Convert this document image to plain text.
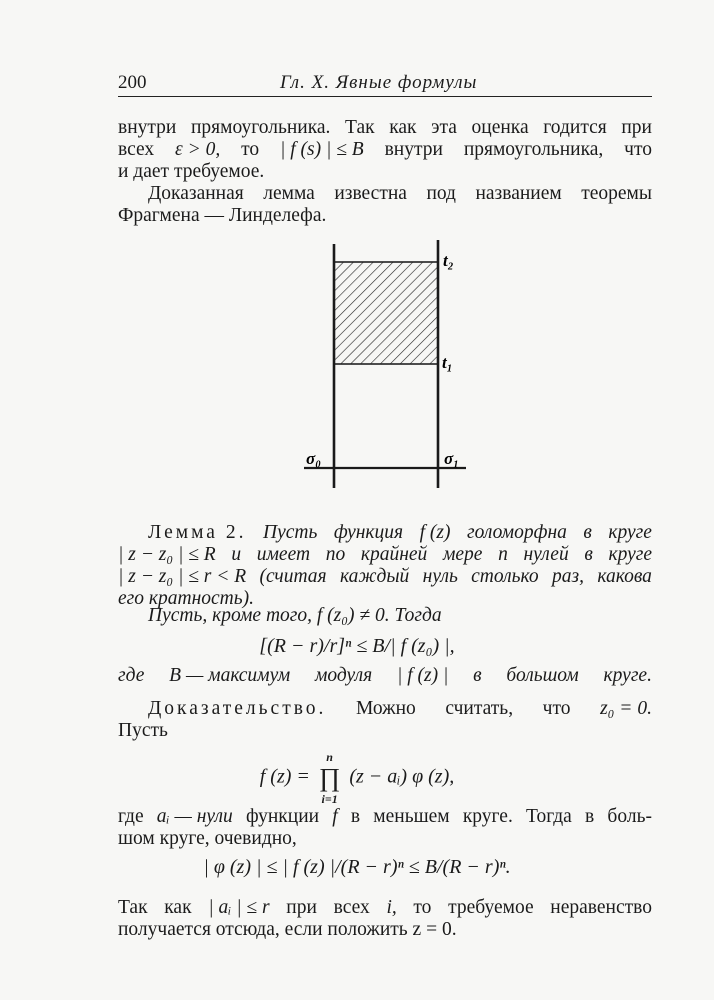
200	Гл. X. Явные формулы
внутри прямоугольника. Так как эта оценка годится при
всех ε > 0, то | f (s) | ≤ B внутри прямоугольника, что
и дает требуемое.
Доказанная лемма известна под названием теоремы
Фрагмена — Линделефа.
t₂
t₁
σ₀	σ₁
Лемма 2. Пусть функция f (z) голоморфна в круге
| z − z₀ | ≤ R и имеет по крайней мере n нулей в круге
| z − z₀ | ≤ r < R (считая каждый нуль столько раз, какова
его кратность).
Пусть, кроме того, f (z₀) ≠ 0. Тогда
[(R − r)/r]ⁿ ≤ B/| f (z₀) |,
где B — максимум модуля | f (z) | в большом круге.
Доказательство. Можно считать, что z₀ = 0.
Пусть
f (z) =
n
∏
i=1
(z − aᵢ) φ (z),
где aᵢ — нули функции f в меньшем круге. Тогда в боль-
шом круге, очевидно,
| φ (z) | ≤ | f (z) |/(R − r)ⁿ ≤ B/(R − r)ⁿ.
Так как | aᵢ | ≤ r при всех i, то требуемое неравенство
получается отсюда, если положить z = 0.
